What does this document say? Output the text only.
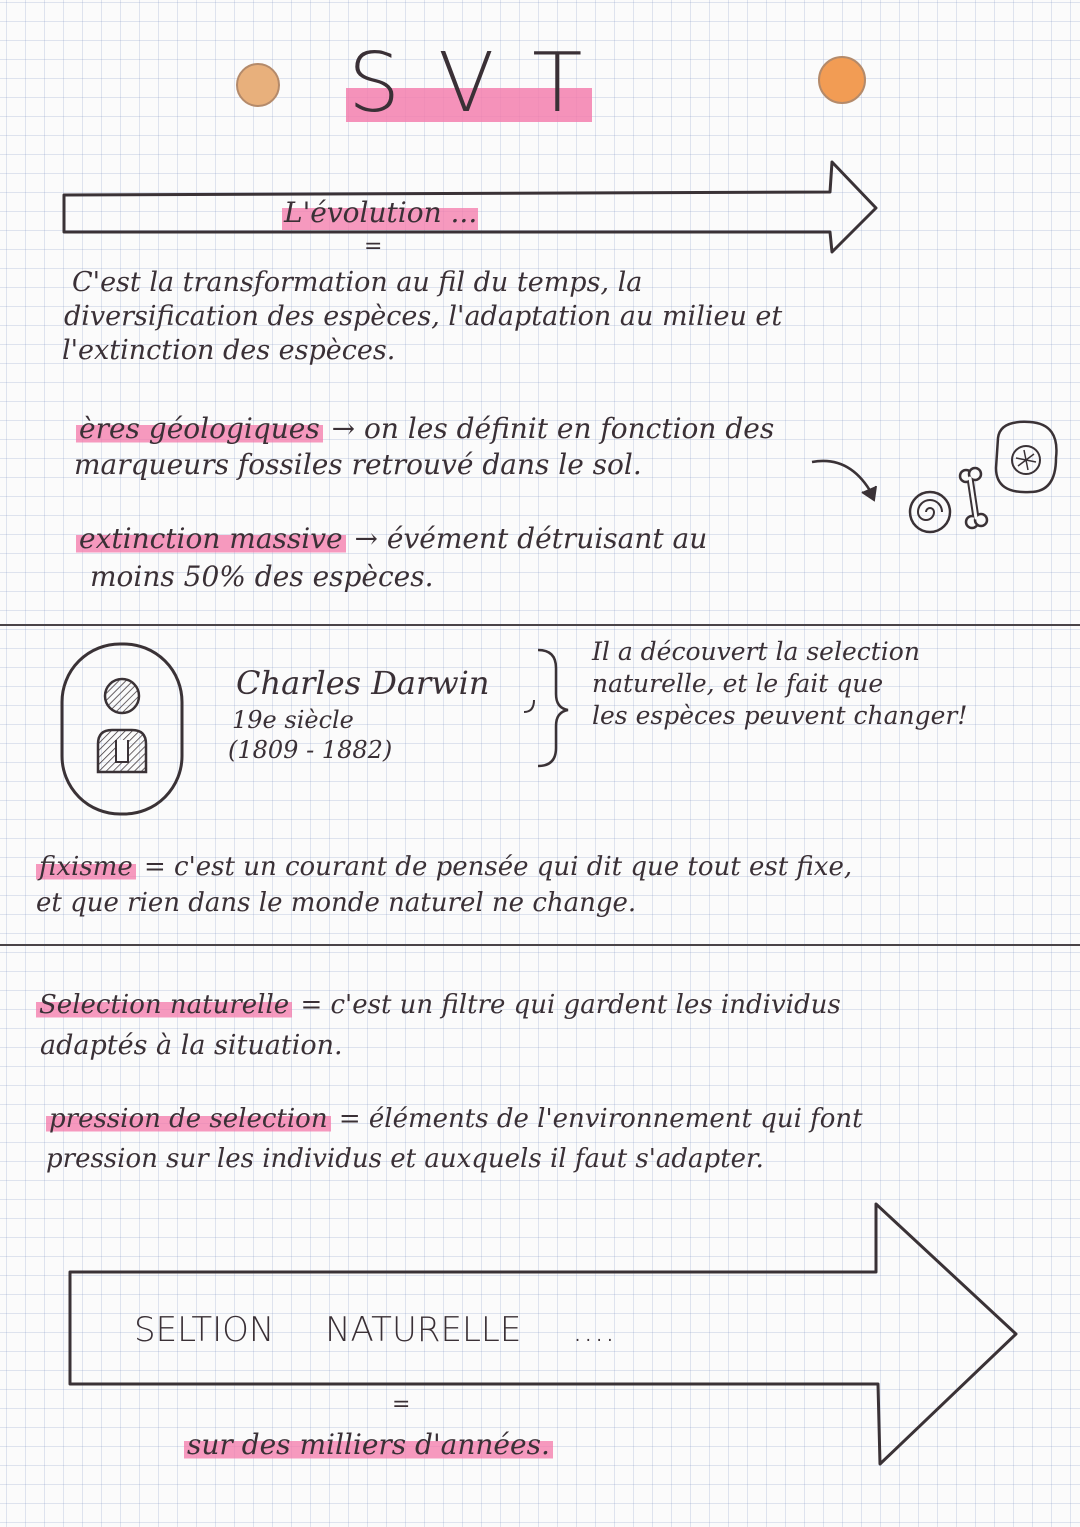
S V T
L'évolution ...
=
C'est la transformation au fil du temps, la
diversification des espèces, l'adaptation au milieu et
l'extinction des espèces.
ères géologiques → on les définit en fonction des
marqueurs fossiles retrouvé dans le sol.
extinction massive → évément détruisant au
moins 50% des espèces.
Charles Darwin
19e siècle
(1809 - 1882)
Il a découvert la selection
naturelle, et le fait que
les espèces peuvent changer!
fixisme = c'est un courant de pensée qui dit que tout est fixe,
et que rien dans le monde naturel ne change.
Selection naturelle = c'est un filtre qui gardent les individus
adaptés à la situation.
pression de selection = éléments de l'environnement qui font
pression sur les individus et auxquels il faut s'adapter.
SELTION NATURELLE ....
=
sur des milliers d'années.
